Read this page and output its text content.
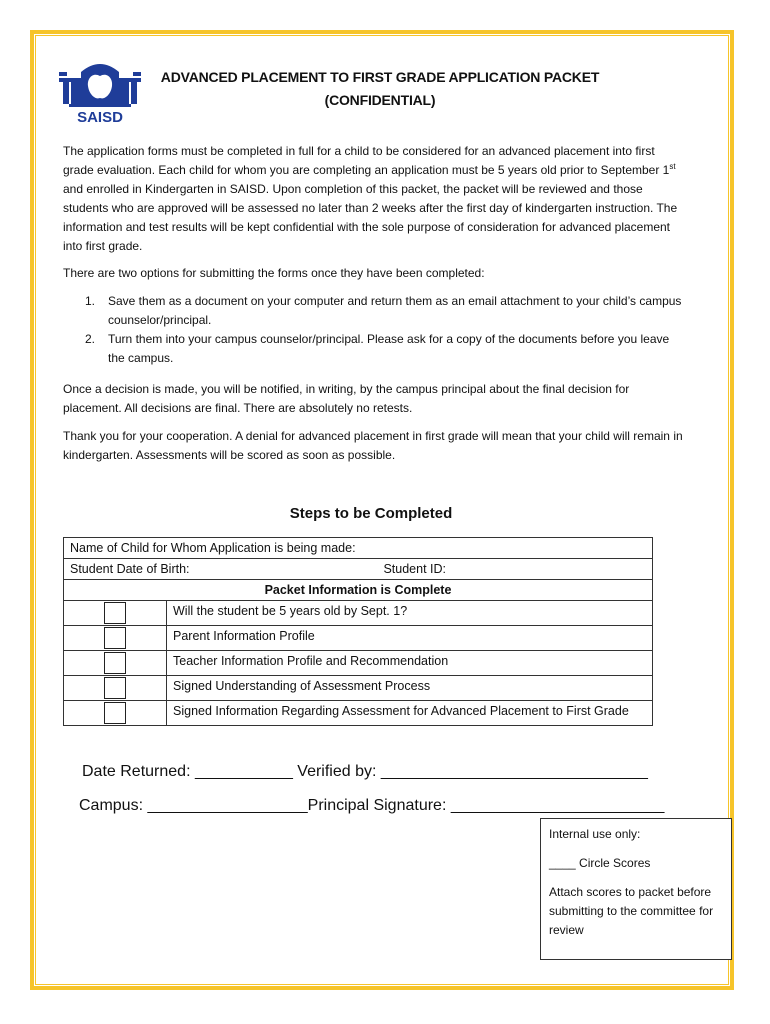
SAISD
ADVANCED PLACEMENT TO FIRST GRADE APPLICATION PACKET
(CONFIDENTIAL)

The application forms must be completed in full for a child to be considered for an advanced placement into first grade evaluation. Each child for whom you are completing an application must be 5 years old prior to September 1st and enrolled in Kindergarten in SAISD. Upon completion of this packet, the packet will be reviewed and those students who are approved will be assessed no later than 2 weeks after the first day of kindergarten instruction. The information and test results will be kept confidential with the sole purpose of consideration for advanced placement into first grade.

There are two options for submitting the forms once they have been completed:

1. Save them as a document on your computer and return them as an email attachment to your child’s campus counselor/principal.
2. Turn them into your campus counselor/principal. Please ask for a copy of the documents before you leave the campus.

Once a decision is made, you will be notified, in writing, by the campus principal about the final decision for placement. All decisions are final. There are absolutely no retests.

Thank you for your cooperation. A denial for advanced placement in first grade will mean that your child will remain in kindergarten. Assessments will be scored as soon as possible.

Steps to be Completed
Name of Child for Whom Application is being made:	

Student Date of Birth: Student ID:	

Packet Information is Complete	
	Will the student be 5 years old by Sept. 1?
	Parent Information Profile
	Teacher Information Profile and Recommendation
	Signed Understanding of Assessment Process
	Signed Information Regarding Assessment for Advanced Placement to First Grade
Date Returned: ___________ Verified by: ______________________________
Campus: __________________Principal Signature: ________________________
Internal use only:
____ Circle Scores
Attach scores to packet before submitting to the committee for review
